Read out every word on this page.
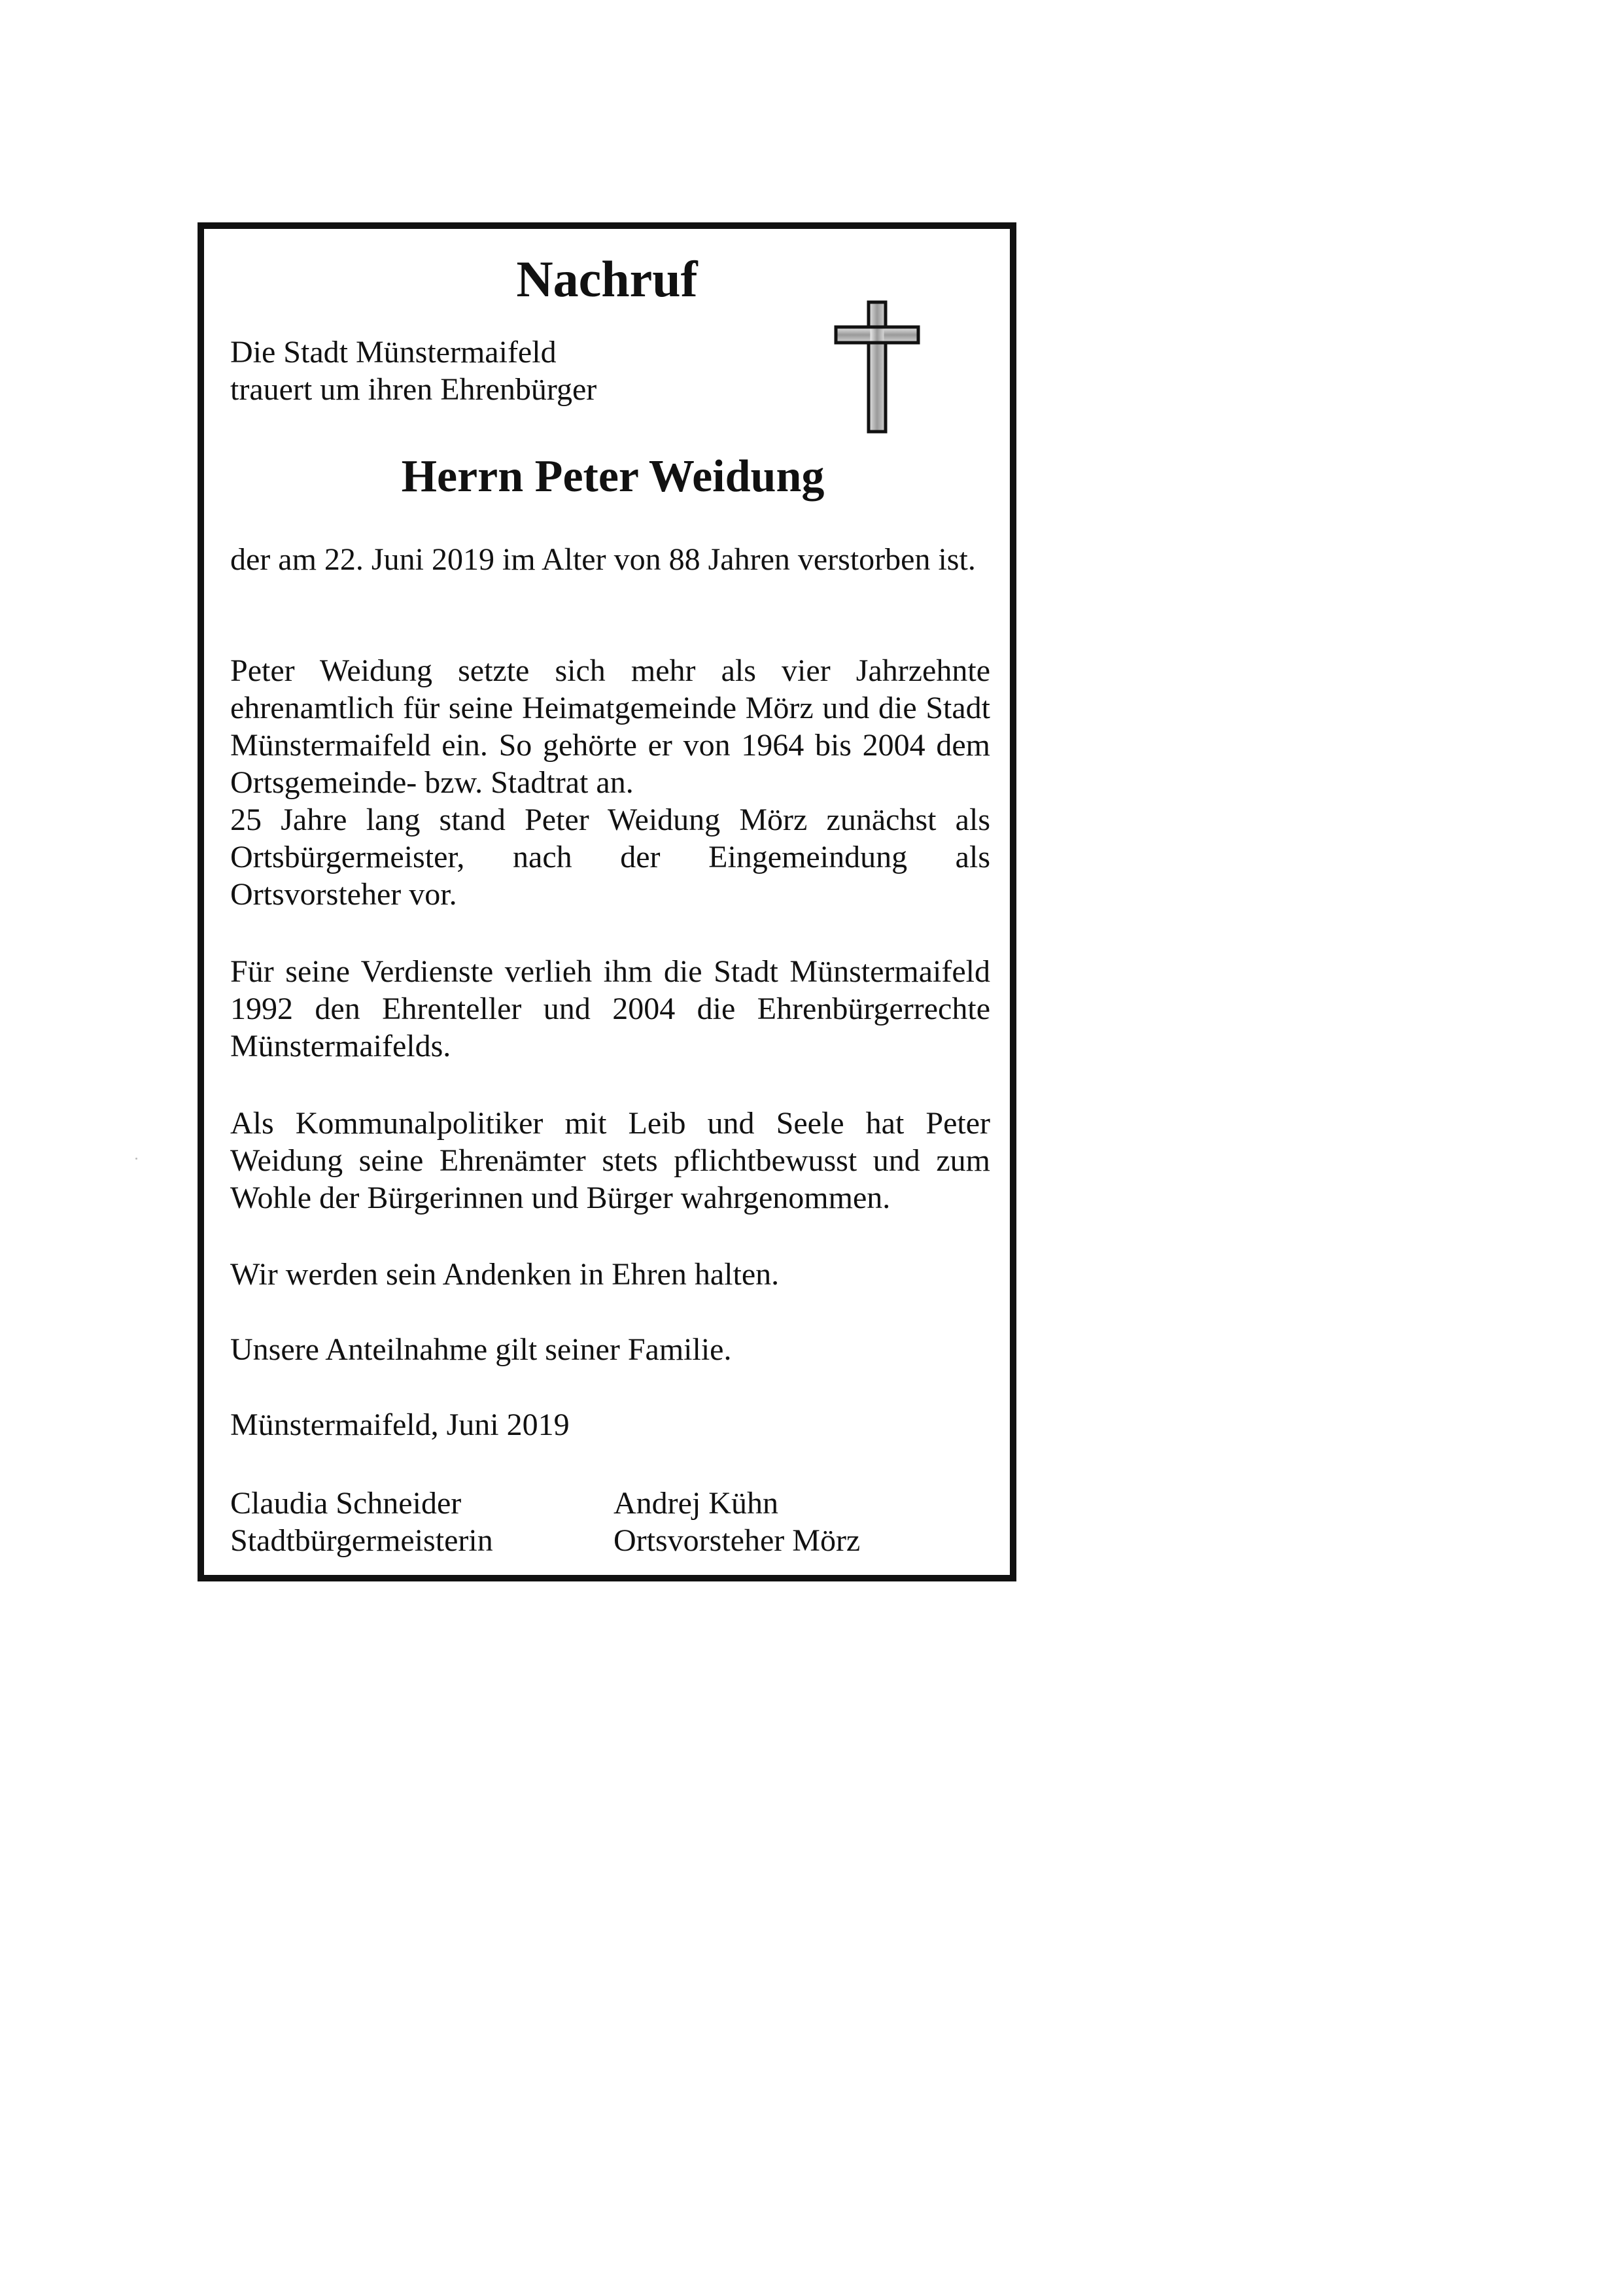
Nachruf

Die Stadt Münstermaifeld
trauert um ihren Ehrenbürger

Herrn Peter Weidung

der am 22. Juni 2019 im Alter von 88 Jahren verstorben ist.

Peter Weidung setzte sich mehr als vier Jahrzehnte ehrenamtlich für seine Heimatgemeinde Mörz und die Stadt Münstermaifeld ein. So gehörte er von 1964 bis 2004 dem Ortsgemeinde- bzw. Stadtrat an.

25 Jahre lang stand Peter Weidung Mörz zunächst als Ortsbürgermeister, nach der Eingemeindung als Ortsvorsteher vor.

Für seine Verdienste verlieh ihm die Stadt Münstermaifeld 1992 den Ehrenteller und 2004 die Ehrenbürgerrechte Münstermaifelds.

Als Kommunalpolitiker mit Leib und Seele hat Peter Weidung seine Ehrenämter stets pflichtbewusst und zum Wohle der Bürgerinnen und Bürger wahrgenommen.

Wir werden sein Andenken in Ehren halten.

Unsere Anteilnahme gilt seiner Familie.

Münstermaifeld, Juni 2019

Claudia Schneider
Stadtbürgermeisterin

Andrej Kühn
Ortsvorsteher Mörz
